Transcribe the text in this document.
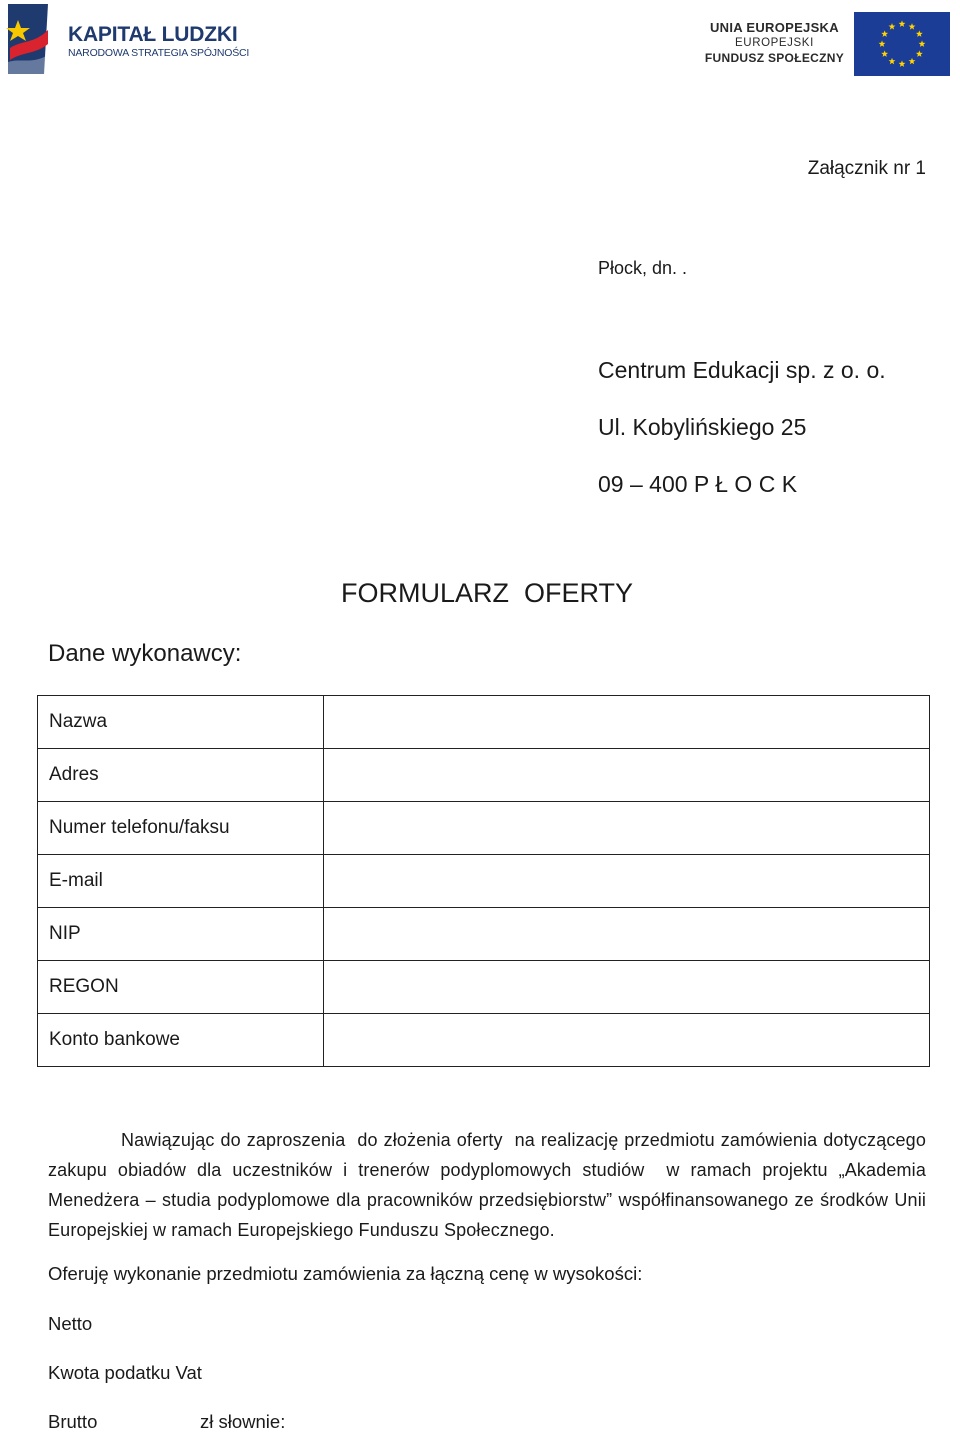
KAPITAŁ LUDZKI
NARODOWA STRATEGIA SPÓJNOŚCI
UNIA EUROPEJSKA
EUROPEJSKI
FUNDUSZ SPOŁECZNY
Załącznik nr 1
Płock, dn. .
Centrum Edukacji sp. z o. o.
Ul. Kobylińskiego 25
09 – 400 P Ł O C K
FORMULARZ  OFERTY
Dane wykonawcy:
Nazwa	
Adres	
Numer telefonu/faksu	
E-mail	
NIP	
REGON	
Konto bankowe	
Nawiązując do zaproszenia  do złożenia oferty  na realizację przedmiotu zamówienia dotyczącego zakupu obiadów dla uczestników i trenerów podyplomowych studiów  w ramach projektu „Akademia Menedżera – studia podyplomowe dla pracowników przedsiębiorstw” współfinansowanego ze środków Unii Europejskiej w ramach Europejskiego Funduszu Społecznego.
Oferuję wykonanie przedmiotu zamówienia za łączną cenę w wysokości:
Netto
Kwota podatku Vat
Brutto	zł słownie:
